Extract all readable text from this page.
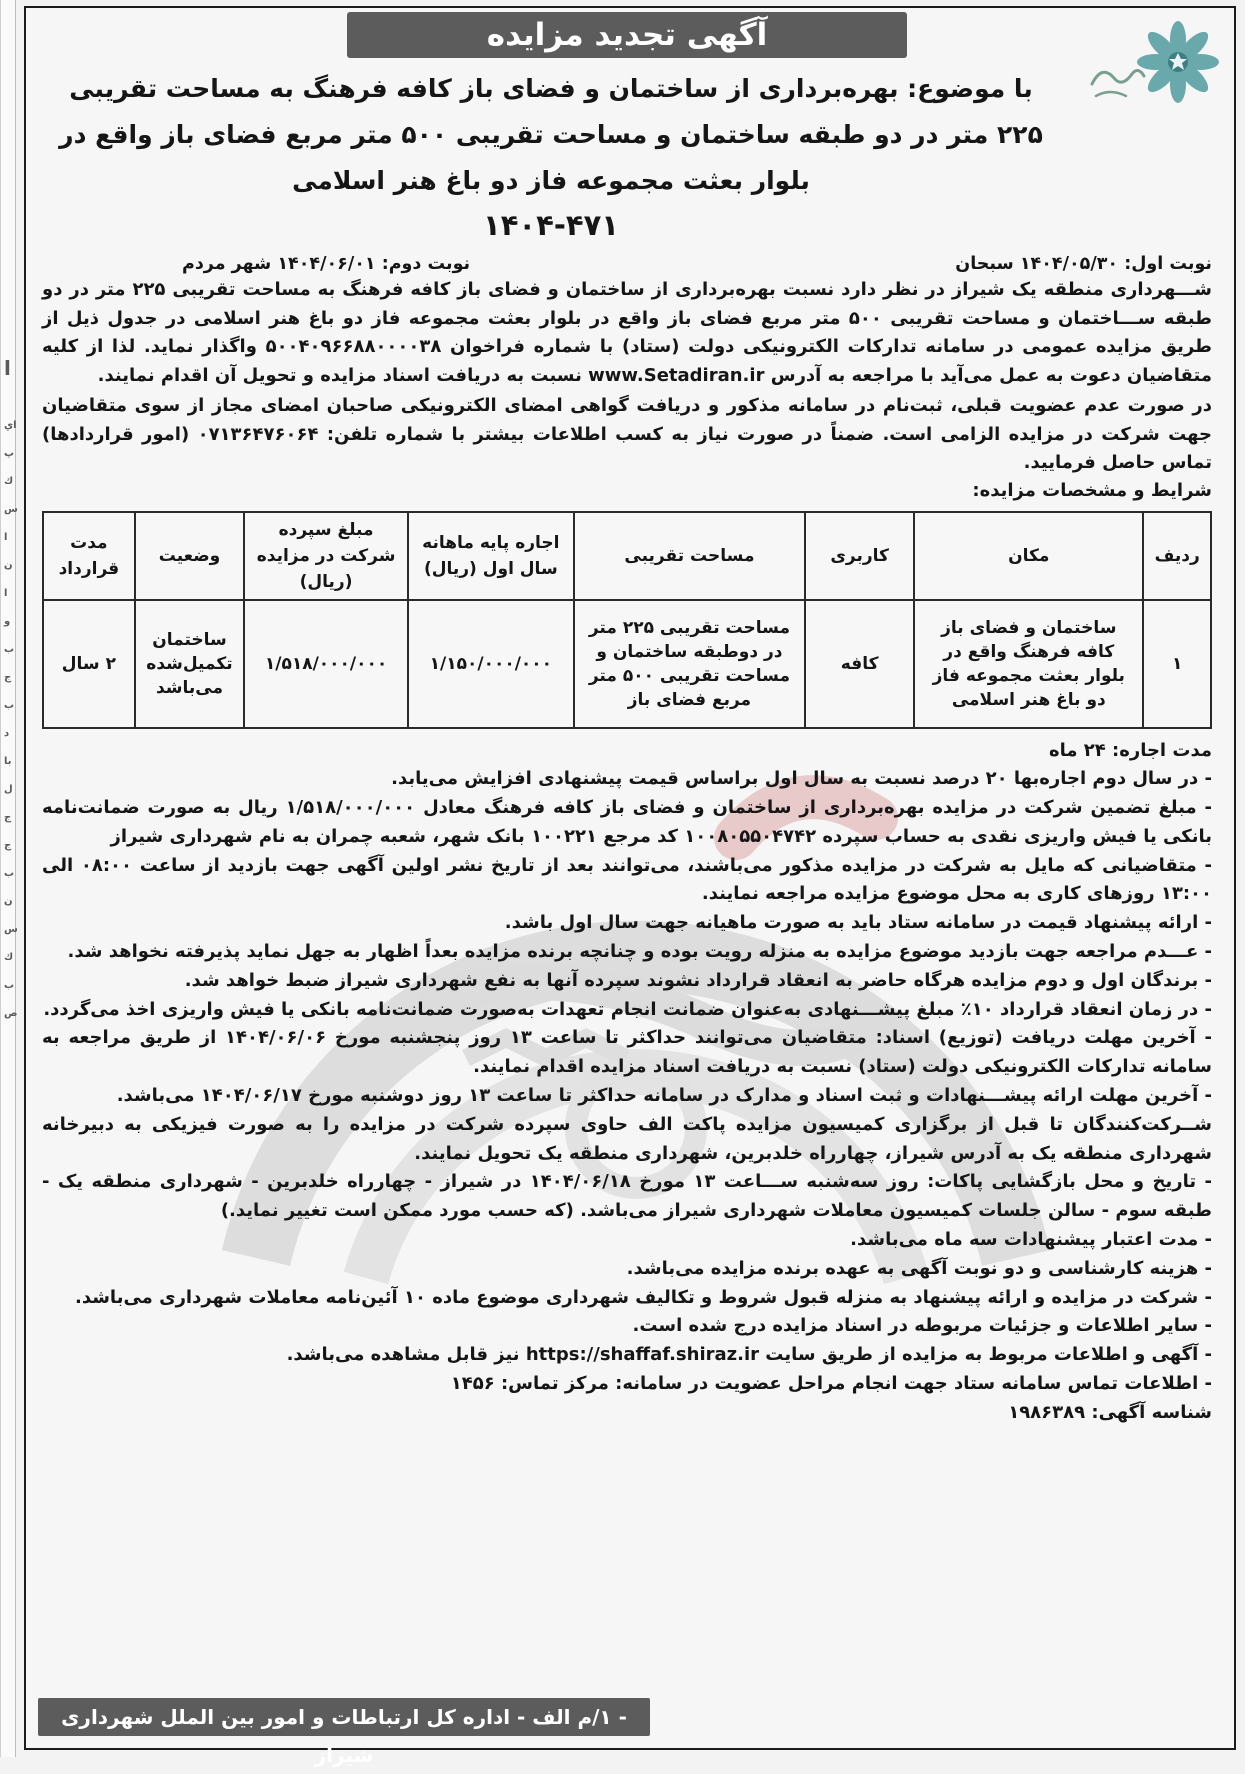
ا
اي
پ
ك
س
ا
ن
ا
و
ب
ج
ب
د
با
ل
ج
ج
ب
ن
س
ك
ب
ص
آگهی تجدید مزایده
با موضوع: بهره‌برداری از ساختمان و فضای باز کافه فرهنگ به مساحت تقریبی ۲۲۵ متر در دو طبقه ساختمان و مساحت تقریبی ۵۰۰ متر مربع فضای باز واقع در بلوار بعثت مجموعه فاز دو باغ هنر اسلامی
۱۴۰۴-۴۷۱
نوبت اول: ۱۴۰۴/۰۵/۳۰ سبحان
نوبت دوم: ۱۴۰۴/۰۶/۰۱ شهر مردم
شـــهرداری منطقه یک شیراز در نظر دارد نسبت بهره‌برداری از ساختمان و فضای باز کافه فرهنگ به مساحت تقریبی ۲۲۵ متر در دو طبقه ســـاختمان و مساحت تقریبی ۵۰۰ متر مربع فضای باز واقع در بلوار بعثت مجموعه فاز دو باغ هنر اسلامی در جدول ذیل از طریق مزایده عمومی در سامانه تدارکات الکترونیکی دولت (ستاد) با شماره فراخوان ۵۰۰۴۰۹۶۶۸۸۰۰۰۰۳۸ واگذار نماید. لذا از کلیه متقاضیان دعوت به عمل می‌آید با مراجعه به آدرس www.Setadiran.ir نسبت به دریافت اسناد مزایده و تحویل آن اقدام نمایند.
در صورت عدم عضویت قبلی، ثبت‌نام در سامانه مذکور و دریافت گواهی امضای الکترونیکی صاحبان امضای مجاز از سوی متقاضیان جهت شرکت در مزایده الزامی است. ضمناً در صورت نیاز به کسب اطلاعات بیشتر با شماره تلفن: ۰۷۱۳۶۴۷۶۰۶۴ (امور قراردادها) تماس حاصل فرمایید.
شرایط و مشخصات مزایده:
ردیف	مکان	کاربری	مساحت تقریبی	اجاره پایه ماهانه سال اول (ریال)	مبلغ سپرده شرکت در مزایده (ریال)	وضعیت	مدت قرارداد
۱	ساختمان و فضای باز کافه فرهنگ واقع در بلوار بعثت مجموعه فاز دو باغ هنر اسلامی	کافه	مساحت تقریبی ۲۲۵ متر در دوطبقه ساختمان و مساحت تقریبی ۵۰۰ متر مربع فضای باز	۱/۱۵۰/۰۰۰/۰۰۰	۱/۵۱۸/۰۰۰/۰۰۰	ساختمان تکمیل‌شده می‌باشد	۲ سال
مدت اجاره: ۲۴ ماه
- در سال دوم اجاره‌بها ۲۰ درصد نسبت به سال اول براساس قیمت پیشنهادی افزایش می‌یابد.
- مبلغ تضمین شرکت در مزایده بهره‌برداری از ساختمان و فضای باز کافه فرهنگ معادل ۱/۵۱۸/۰۰۰/۰۰۰ ریال به صورت ضمانت‌نامه بانکی یا فیش واریزی نقدی به حساب سپرده ۱۰۰۸۰۵۵۰۴۷۴۲ کد مرجع ۱۰۰۲۲۱ بانک شهر، شعبه چمران به نام شهرداری شیراز
- متقاضیانی که مایل به شرکت در مزایده مذکور می‌باشند، می‌توانند بعد از تاریخ نشر اولین آگهی جهت بازدید از ساعت ۰۸:۰۰ الی ۱۳:۰۰ روزهای کاری به محل موضوع مزایده مراجعه نمایند.
- ارائه پیشنهاد قیمت در سامانه ستاد باید به صورت ماهیانه جهت سال اول باشد.
- عـــدم مراجعه جهت بازدید موضوع مزایده به منزله رویت بوده و چنانچه برنده مزایده بعداً اظهار به جهل نماید پذیرفته نخواهد شد.
- برندگان اول و دوم مزایده هرگاه حاضر به انعقاد قرارداد نشوند سپرده آنها به نفع شهرداری شیراز ضبط خواهد شد.
- در زمان انعقاد قرارداد ۱۰٪ مبلغ پیشـــنهادی به‌عنوان ضمانت انجام تعهدات به‌صورت ضمانت‌نامه بانکی یا فیش واریزی اخذ می‌گردد.
- آخرین مهلت دریافت (توزیع) اسناد: متقاضیان می‌توانند حداکثر تا ساعت ۱۳ روز پنجشنبه مورخ ۱۴۰۴/۰۶/۰۶ از طریق مراجعه به سامانه تدارکات الکترونیکی دولت (ستاد) نسبت به دریافت اسناد مزایده اقدام نمایند.
- آخرین مهلت ارائه پیشـــنهادات و ثبت اسناد و مدارک در سامانه حداکثر تا ساعت ۱۳ روز دوشنبه مورخ ۱۴۰۴/۰۶/۱۷ می‌باشد.
شــرکت‌کنندگان تا قبل از برگزاری کمیسیون مزایده پاکت الف حاوی سپرده شرکت در مزایده را به صورت فیزیکی به دبیرخانه شهرداری منطقه یک به آدرس شیراز، چهارراه خلدبرین، شهرداری منطقه یک تحویل نمایند.
- تاریخ و محل بازگشایی پاکات: روز سه‌شنبه ســـاعت ۱۳ مورخ ۱۴۰۴/۰۶/۱۸ در شیراز - چهارراه خلدبرین - شهرداری منطقه یک - طبقه سوم - سالن جلسات کمیسیون معاملات شهرداری شیراز می‌باشد. (که حسب مورد ممکن است تغییر نماید.)
- مدت اعتبار پیشنهادات سه ماه می‌باشد.
- هزینه کارشناسی و دو نوبت آگهی به عهده برنده مزایده می‌باشد.
- شرکت در مزایده و ارائه پیشنهاد به منزله قبول شروط و تکالیف شهرداری موضوع ماده ۱۰ آئین‌نامه معاملات شهرداری می‌باشد.
- سایر اطلاعات و جزئیات مربوطه در اسناد مزایده درج شده است.
- آگهی و اطلاعات مربوط به مزایده از طریق سایت https://shaffaf.shiraz.ir نیز قابل مشاهده می‌باشد.
- اطلاعات تماس سامانه ستاد جهت انجام مراحل عضویت در سامانه: مرکز تماس: ۱۴۵۶
شناسه آگهی: ۱۹۸۶۳۸۹
- ۱/م الف - اداره کل ارتباطات و امور بین الملل شهرداری شیراز
